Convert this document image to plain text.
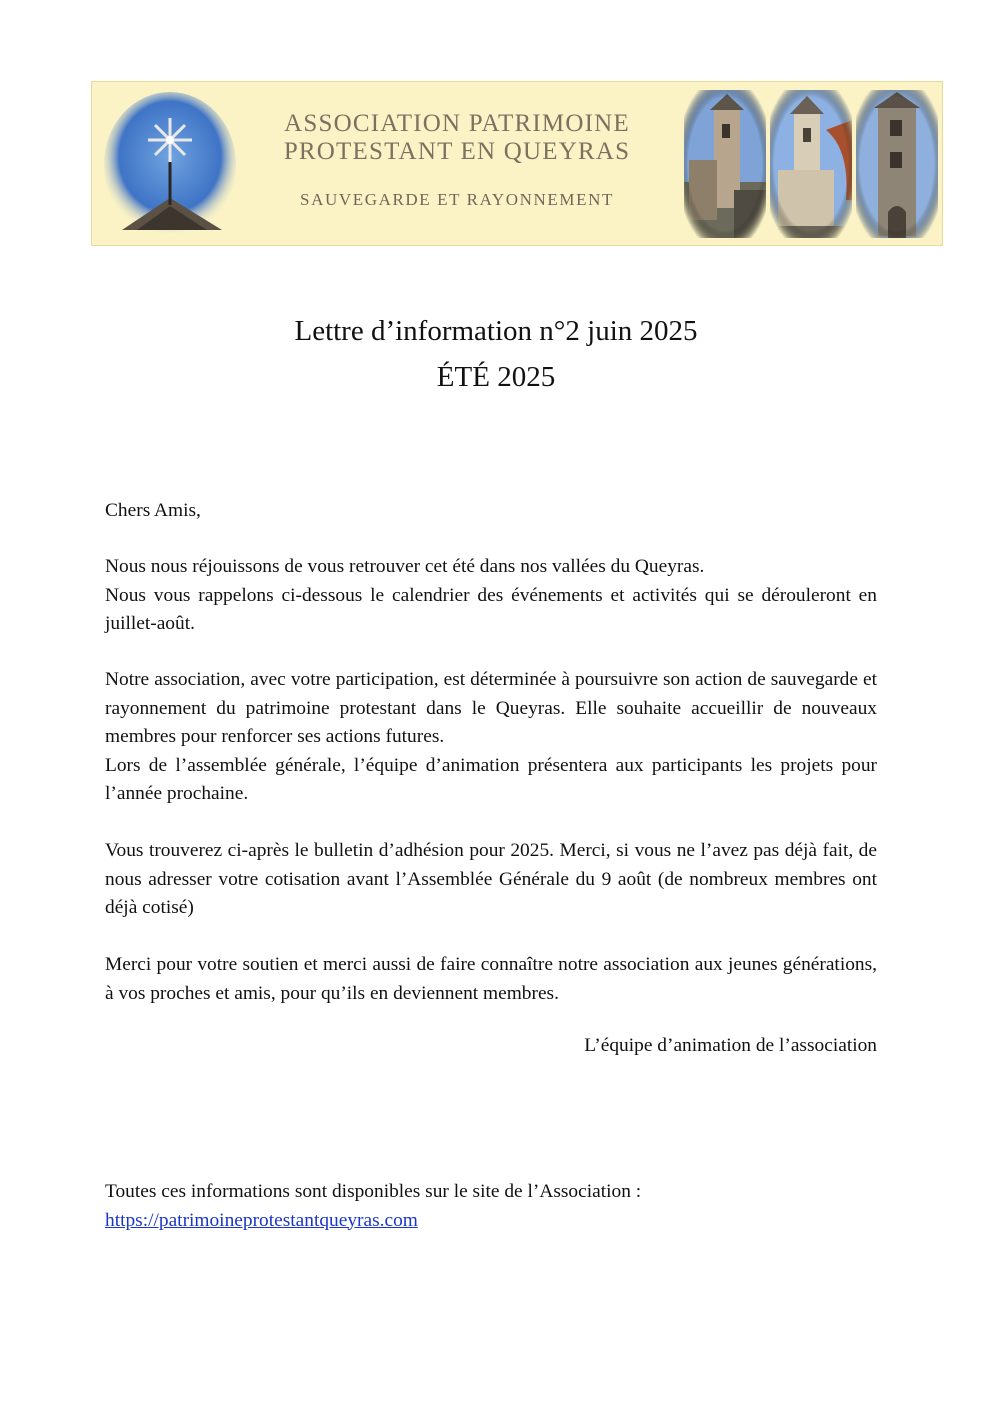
ASSOCIATION PATRIMOINE
PROTESTANT EN QUEYRAS
SAUVEGARDE ET RAYONNEMENT
Lettre d’information n°2 juin 2025
ÉTÉ 2025
Chers Amis,

Nous nous réjouissons de vous retrouver cet été dans nos vallées du Queyras.

Nous vous rappelons ci-dessous le calendrier des événements et activités qui se dérouleront en juillet-août.

Notre association, avec votre participation, est déterminée à poursuivre son action de sauvegarde et rayonnement du patrimoine protestant dans le Queyras. Elle souhaite accueillir de nouveaux membres pour renforcer ses actions futures.

Lors de l’assemblée générale, l’équipe d’animation présentera aux participants les projets pour l’année prochaine.

Vous trouverez ci-après le bulletin d’adhésion pour 2025. Merci, si vous ne l’avez pas déjà fait, de nous adresser votre cotisation avant l’Assemblée Générale du 9 août (de nombreux membres ont déjà cotisé)
Merci pour votre soutien et merci aussi de faire connaître notre association aux jeunes générations, à vos proches et amis, pour qu’ils en deviennent membres.
L’équipe d’animation de l’association

Toutes ces informations sont disponibles sur le site de l’Association :

https://patrimoineprotestantqueyras.com
